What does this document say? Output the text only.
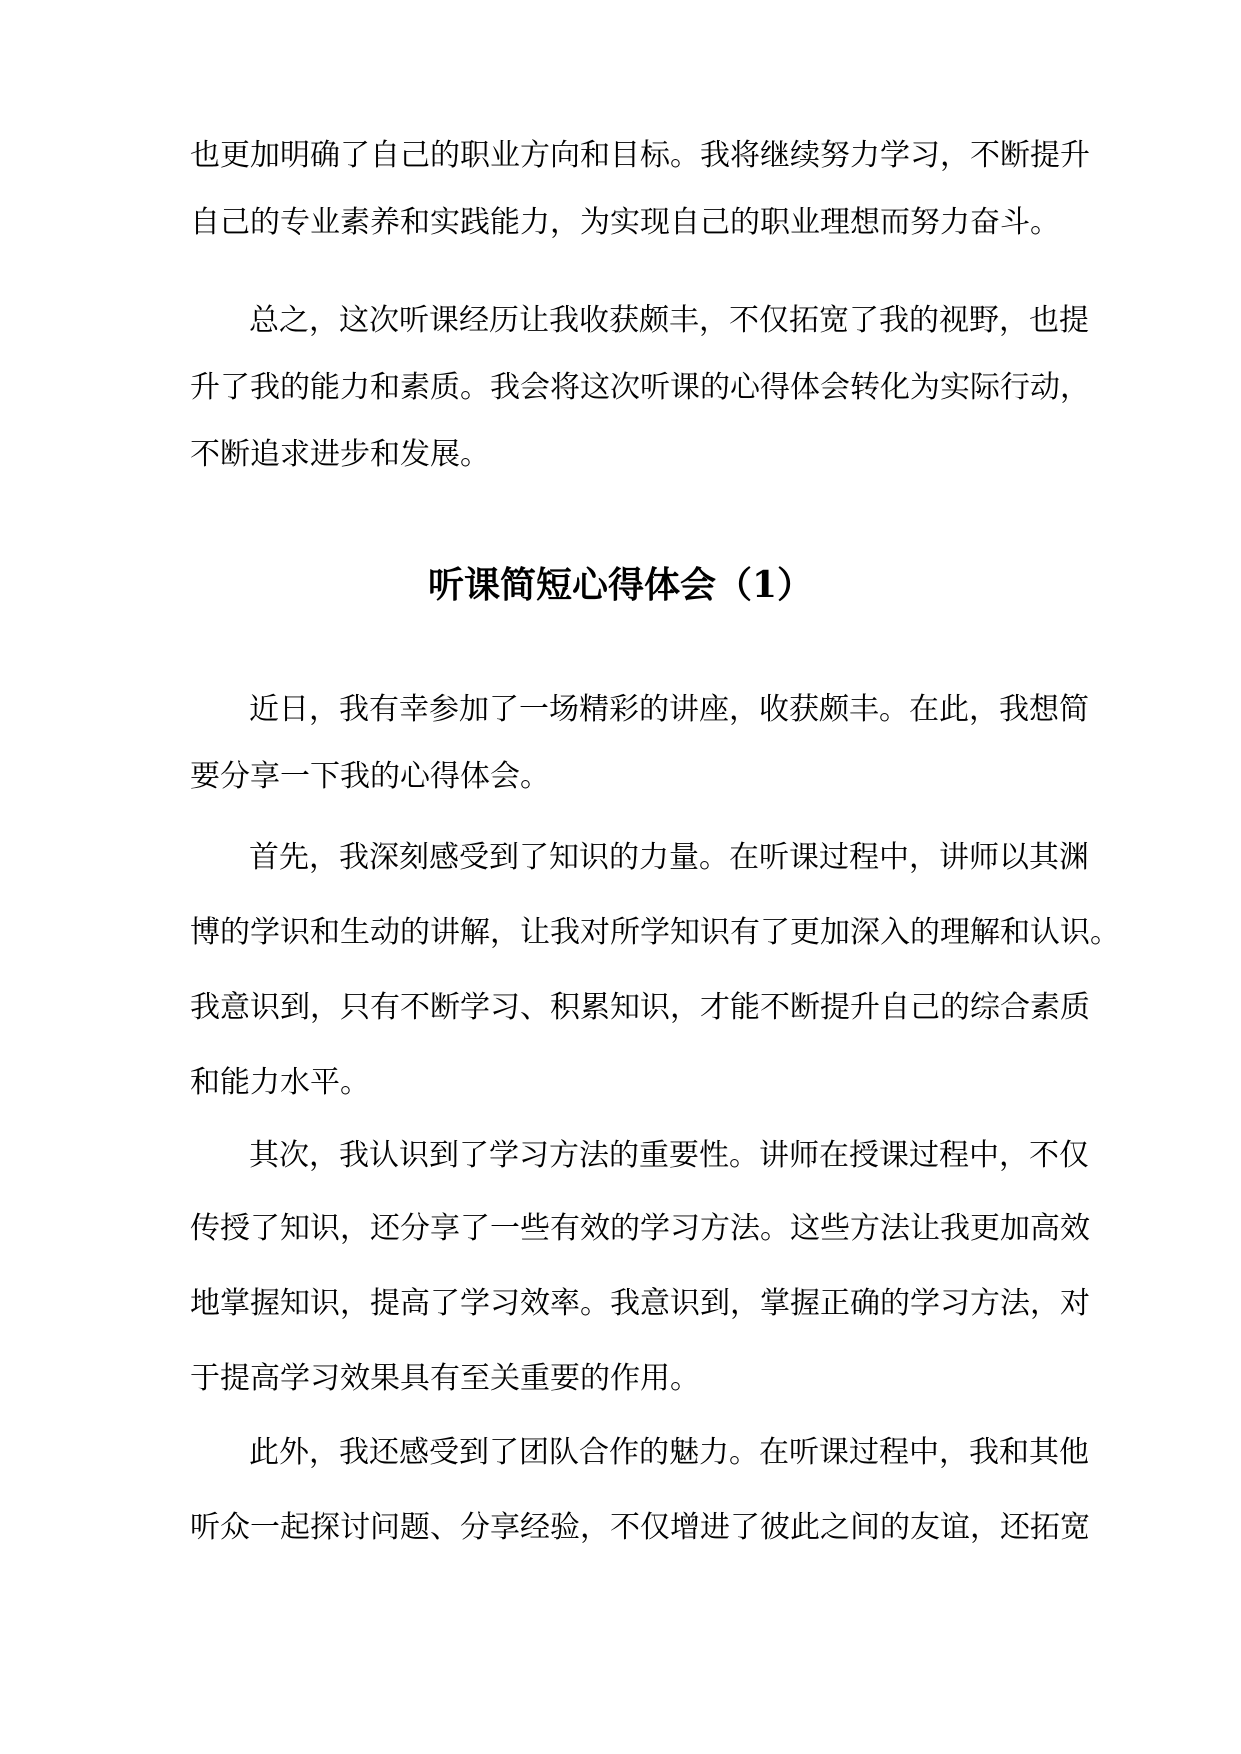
也更加明确了自己的职业方向和目标。我将继续努力学习，不断提升
自己的专业素养和实践能力，为实现自己的职业理想而努力奋斗。
总之，这次听课经历让我收获颇丰，不仅拓宽了我的视野，也提
升了我的能力和素质。我会将这次听课的心得体会转化为实际行动，
不断追求进步和发展。
听课简短心得体会（1）
近日，我有幸参加了一场精彩的讲座，收获颇丰。在此，我想简
要分享一下我的心得体会。
首先，我深刻感受到了知识的力量。在听课过程中，讲师以其渊
博的学识和生动的讲解，让我对所学知识有了更加深入的理解和认识。
我意识到，只有不断学习、积累知识，才能不断提升自己的综合素质
和能力水平。
其次，我认识到了学习方法的重要性。讲师在授课过程中，不仅
传授了知识，还分享了一些有效的学习方法。这些方法让我更加高效
地掌握知识，提高了学习效率。我意识到，掌握正确的学习方法，对
于提高学习效果具有至关重要的作用。
此外，我还感受到了团队合作的魅力。在听课过程中，我和其他
听众一起探讨问题、分享经验，不仅增进了彼此之间的友谊，还拓宽
